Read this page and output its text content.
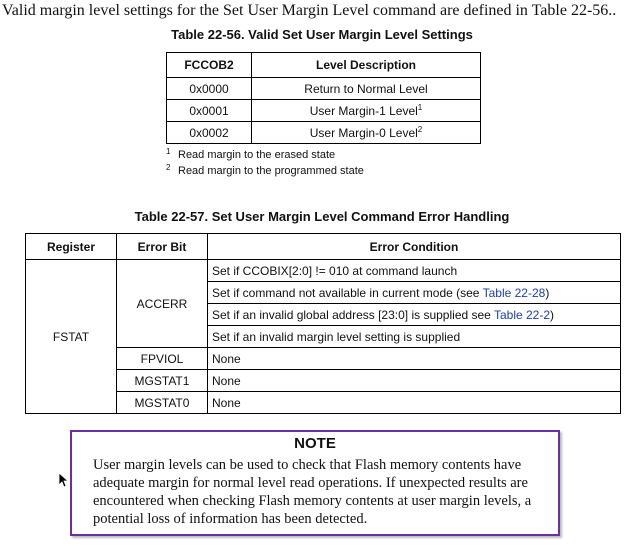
Valid margin level settings for the Set User Margin Level command are defined in Table 22-56..
Table 22-56. Valid Set User Margin Level Settings
FCCOB2	Level Description
0x0000	Return to Normal Level
0x0001	User Margin-1 Level$^1$
0x0002	User Margin-0 Level$^2$
1 Read margin to the erased state
2 Read margin to the programmed state
Table 22-57. Set User Margin Level Command Error Handling
Register	Error Bit	Error Condition
FSTAT	ACCERR	Set if CCOBIX[2:0] != 010 at command launch
		Set if command not available in current mode (see Table 22-28)
		Set if an invalid global address [23:0] is supplied see Table 22-2)
		Set if an invalid margin level setting is supplied
	FPVIOL	None
	MGSTAT1	None
	MGSTAT0	None
NOTE

User margin levels can be used to check that Flash memory contents have adequate margin for normal level read operations. If unexpected results are encountered when checking Flash memory contents at user margin levels, a potential loss of information has been detected.
